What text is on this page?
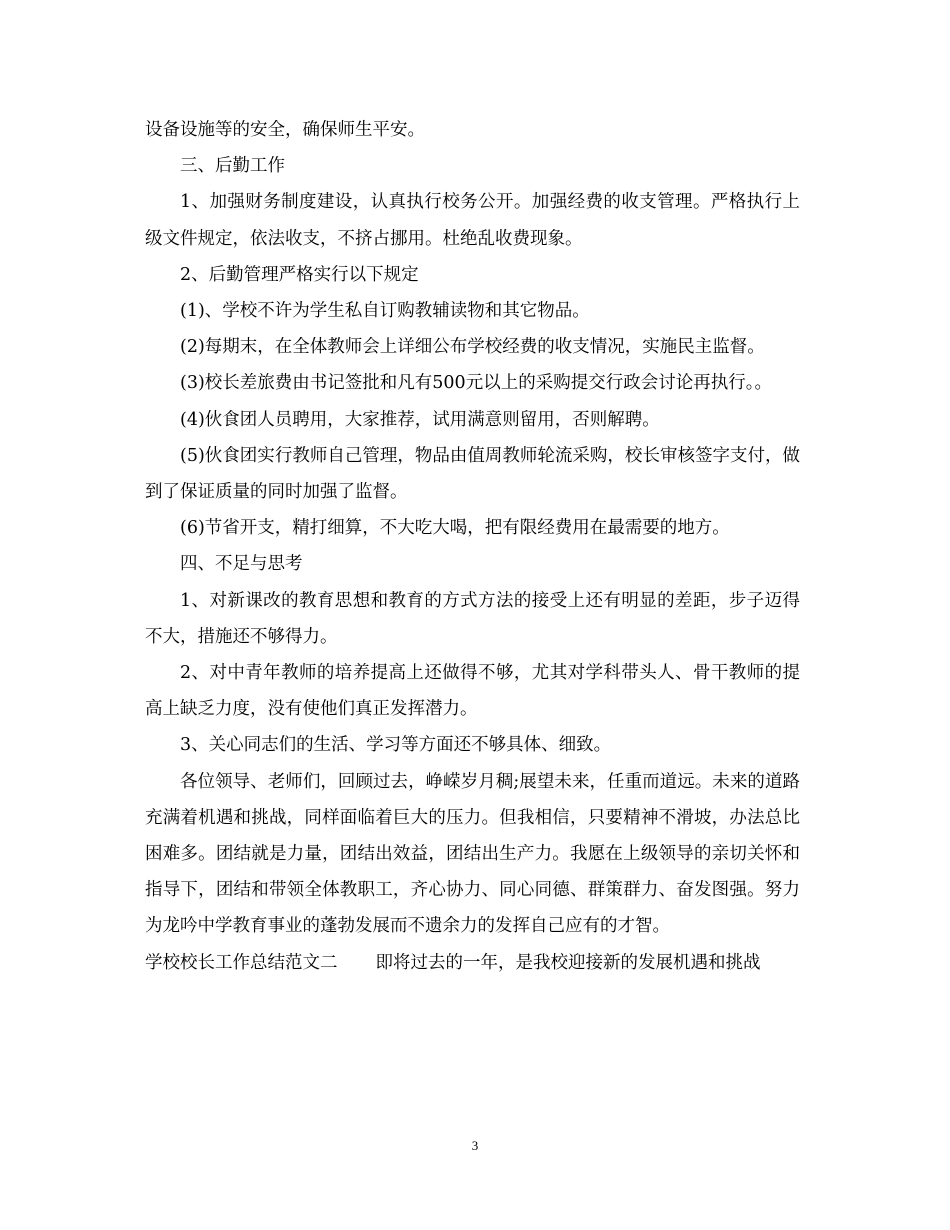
设备设施等的安全，确保师生平安。

三、后勤工作

1、加强财务制度建设，认真执行校务公开。加强经费的收支管理。严格执行上级文件规定，依法收支，不挤占挪用。杜绝乱收费现象。

2、后勤管理严格实行以下规定

(1)、学校不许为学生私自订购教辅读物和其它物品。

(2)每期末，在全体教师会上详细公布学校经费的收支情况，实施民主监督。

(3)校长差旅费由书记签批和凡有500元以上的采购提交行政会讨论再执行。。

(4)伙食团人员聘用，大家推荐，试用满意则留用，否则解聘。

(5)伙食团实行教师自己管理，物品由值周教师轮流采购，校长审核签字支付，做到了保证质量的同时加强了监督。

(6)节省开支，精打细算，不大吃大喝，把有限经费用在最需要的地方。

四、不足与思考

1、对新课改的教育思想和教育的方式方法的接受上还有明显的差距，步子迈得不大，措施还不够得力。

2、对中青年教师的培养提高上还做得不够，尤其对学科带头人、骨干教师的提高上缺乏力度，没有使他们真正发挥潜力。

3、关心同志们的生活、学习等方面还不够具体、细致。

各位领导、老师们，回顾过去，峥嵘岁月稠;展望未来，任重而道远。未来的道路充满着机遇和挑战，同样面临着巨大的压力。但我相信，只要精神不滑坡，办法总比困难多。团结就是力量，团结出效益，团结出生产力。我愿在上级领导的亲切关怀和指导下，团结和带领全体教职工，齐心协力、同心同德、群策群力、奋发图强。努力为龙吟中学教育事业的蓬勃发展而不遗余力的发挥自己应有的才智。

学校校长工作总结范文二 即将过去的一年，是我校迎接新的发展机遇和挑战

3
